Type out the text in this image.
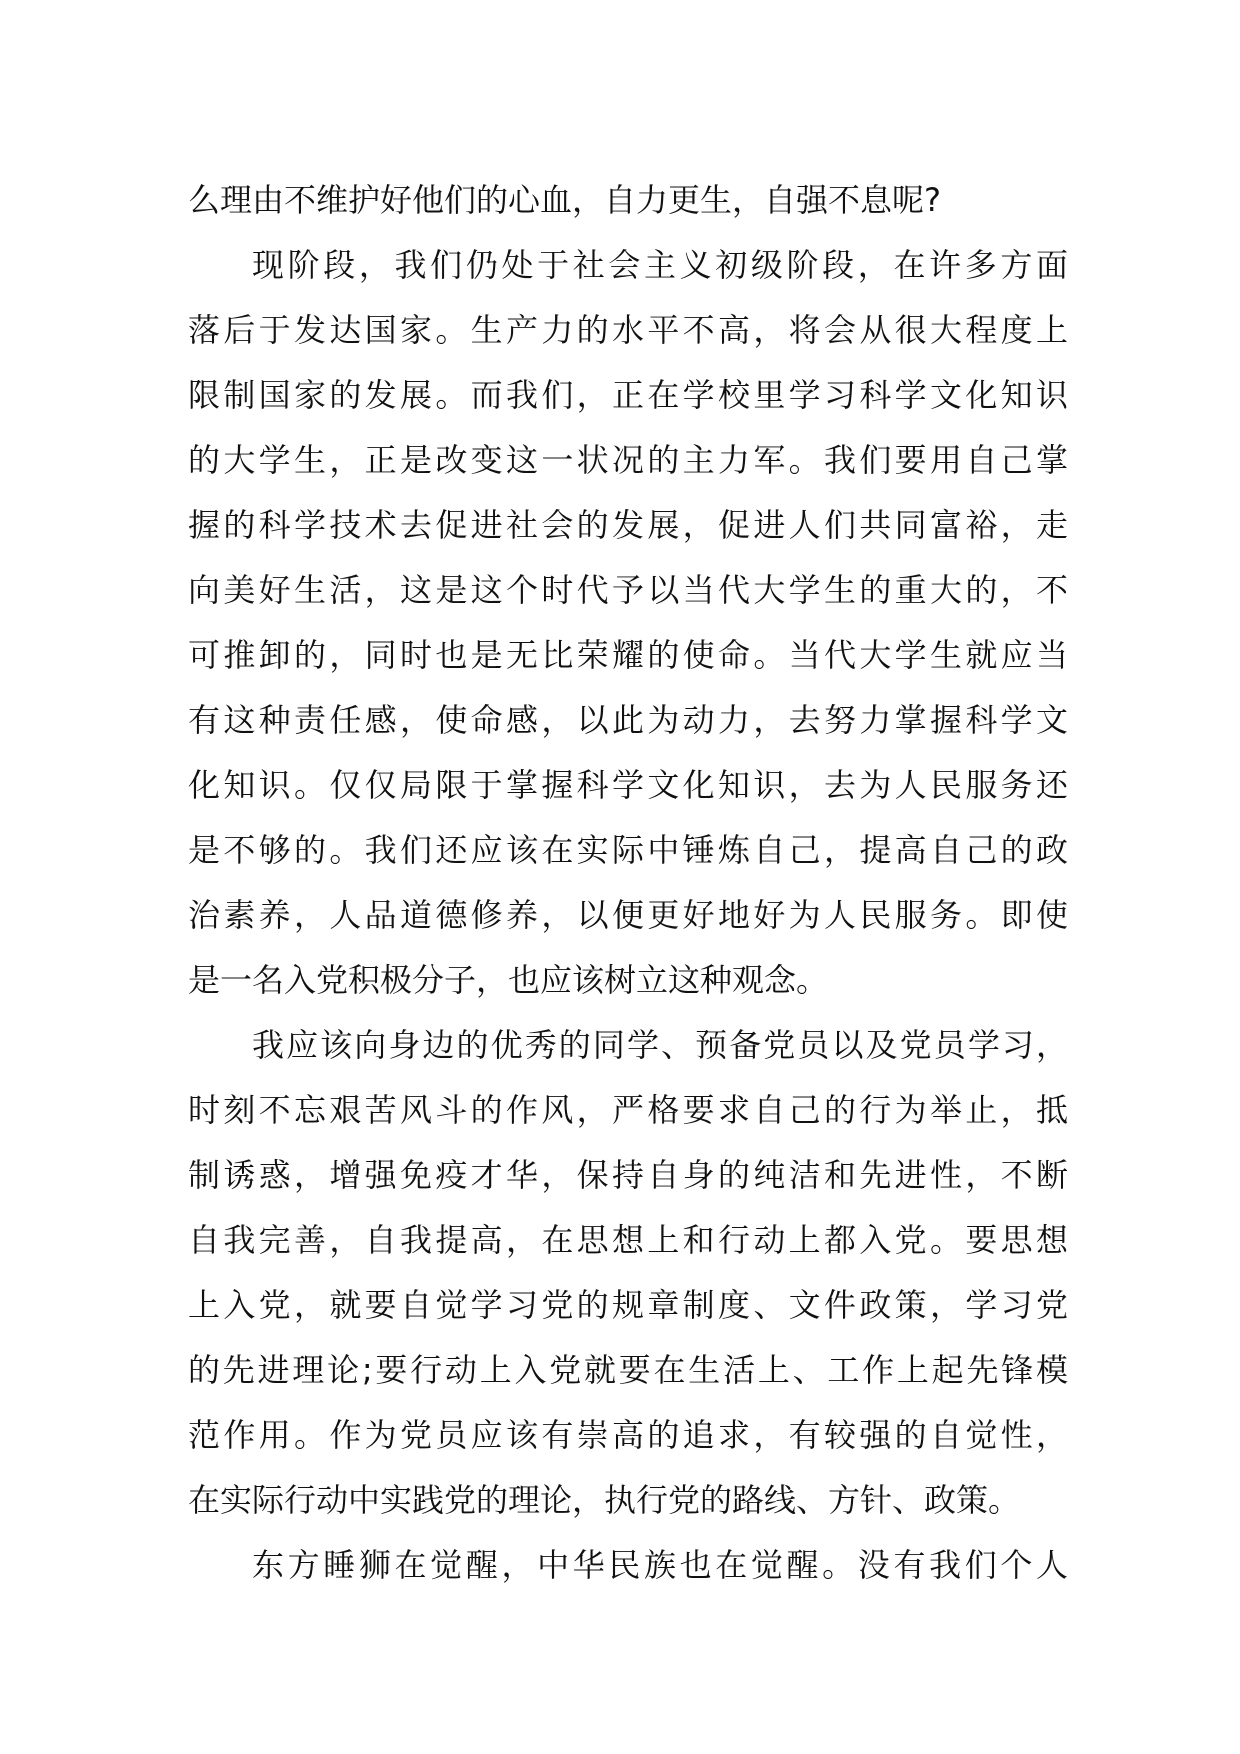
么理由不维护好他们的心血，自力更生，自强不息呢?
现阶段，我们仍处于社会主义初级阶段，在许多方面
落后于发达国家。生产力的水平不高，将会从很大程度上
限制国家的发展。而我们，正在学校里学习科学文化知识
的大学生，正是改变这一状况的主力军。我们要用自己掌
握的科学技术去促进社会的发展，促进人们共同富裕，走
向美好生活，这是这个时代予以当代大学生的重大的，不
可推卸的，同时也是无比荣耀的使命。当代大学生就应当
有这种责任感，使命感，以此为动力，去努力掌握科学文
化知识。仅仅局限于掌握科学文化知识，去为人民服务还
是不够的。我们还应该在实际中锤炼自己，提高自己的政
治素养，人品道德修养，以便更好地好为人民服务。即使
是一名入党积极分子，也应该树立这种观念。
我应该向身边的优秀的同学、预备党员以及党员学习，
时刻不忘艰苦风斗的作风，严格要求自己的行为举止，抵
制诱惑，增强免疫才华，保持自身的纯洁和先进性，不断
自我完善，自我提高，在思想上和行动上都入党。要思想
上入党，就要自觉学习党的规章制度、文件政策，学习党
的先进理论;要行动上入党就要在生活上、工作上起先锋模
范作用。作为党员应该有崇高的追求，有较强的自觉性，
在实际行动中实践党的理论，执行党的路线、方针、政策。
东方睡狮在觉醒，中华民族也在觉醒。没有我们个人
